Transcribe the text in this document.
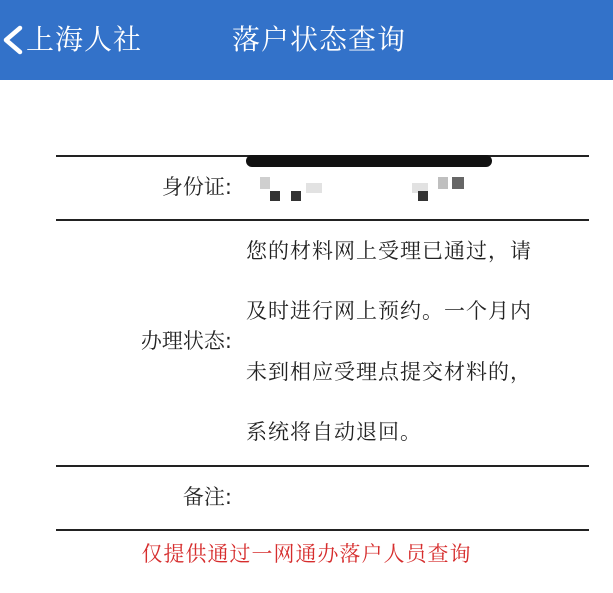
上海人社	落户状态查询
身份证:
办理状态:
您的材料网上受理已通过，请
及时进行网上预约。一个月内
未到相应受理点提交材料的，
系统将自动退回。
备注:
仅提供通过一网通办落户人员查询
